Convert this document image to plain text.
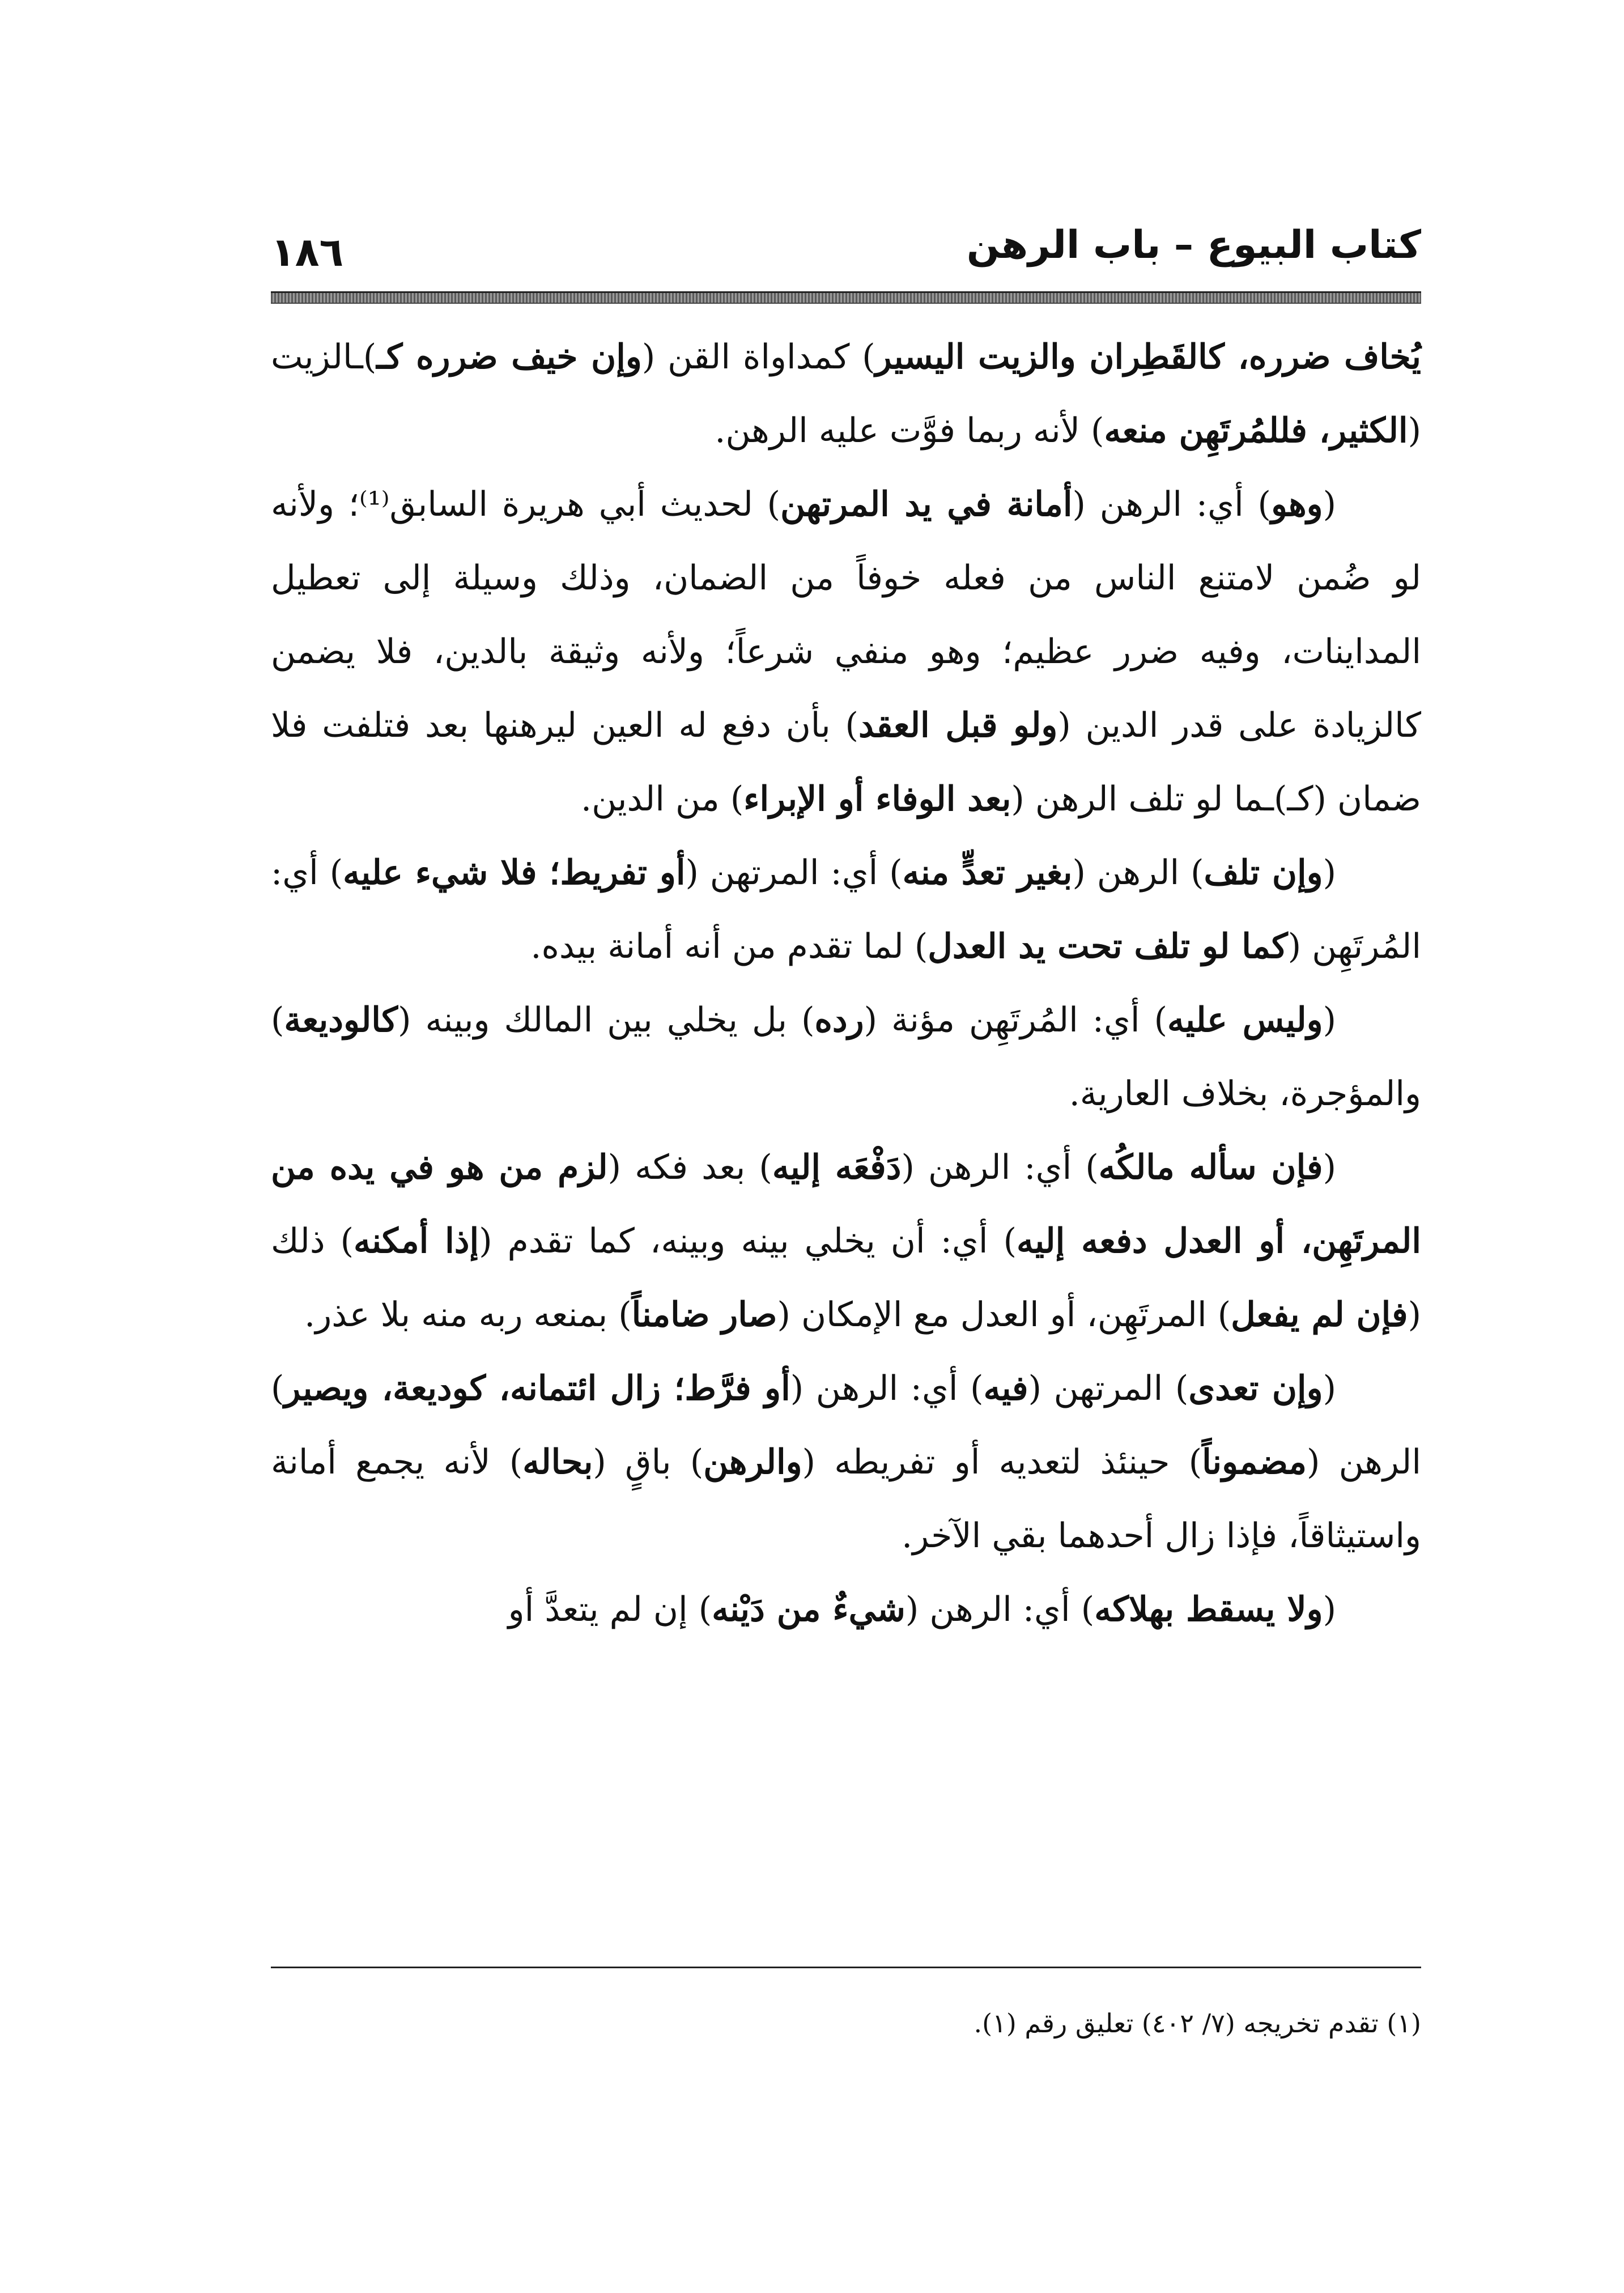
كتاب البيوع – باب الرهن
١٨٦

يُخاف ضرره، كالقَطِران والزيت اليسير) كمداواة القن (وإن خيف ضرره كـ)ـالزيت (الكثير، فللمُرتَهِن منعه) لأنه ربما فوَّت عليه الرهن.

(وهو) أي: الرهن (أمانة في يد المرتهن) لحديث أبي هريرة السابق⁽¹⁾؛ ولأنه لو ضُمن لامتنع الناس من فعله خوفاً من الضمان، وذلك وسيلة إلى تعطيل المداينات، وفيه ضرر عظيم؛ وهو منفي شرعاً؛ ولأنه وثيقة بالدين، فلا يضمن كالزيادة على قدر الدين (ولو قبل العقد) بأن دفع له العين ليرهنها بعد فتلفت فلا ضمان (كـ)ـما لو تلف الرهن (بعد الوفاء أو الإبراء) من الدين.

(وإن تلف) الرهن (بغير تعدٍّ منه) أي: المرتهن (أو تفريط؛ فلا شيء عليه) أي: المُرتَهِن (كما لو تلف تحت يد العدل) لما تقدم من أنه أمانة بيده.

(وليس عليه) أي: المُرتَهِن مؤنة (رده) بل يخلي بين المالك وبينه (كالوديعة) والمؤجرة، بخلاف العارية.

(فإن سأله مالكُه) أي: الرهن (دَفْعَه إليه) بعد فكه (لزم من هو في يده من المرتَهِن، أو العدل دفعه إليه) أي: أن يخلي بينه وبينه، كما تقدم (إذا أمكنه) ذلك (فإن لم يفعل) المرتَهِن، أو العدل مع الإمكان (صار ضامناً) بمنعه ربه منه بلا عذر.

(وإن تعدى) المرتهن (فيه) أي: الرهن (أو فرَّط؛ زال ائتمانه، كوديعة، ويصير) الرهن (مضموناً) حينئذ لتعديه أو تفريطه (والرهن) باقٍ (بحاله) لأنه يجمع أمانة واستيثاقاً، فإذا زال أحدهما بقي الآخر.

(ولا يسقط بهلاكه) أي: الرهن (شيءٌ من دَيْنه) إن لم يتعدَّ أو

(١) تقدم تخريجه (٧/ ٤٠٢) تعليق رقم (١).
